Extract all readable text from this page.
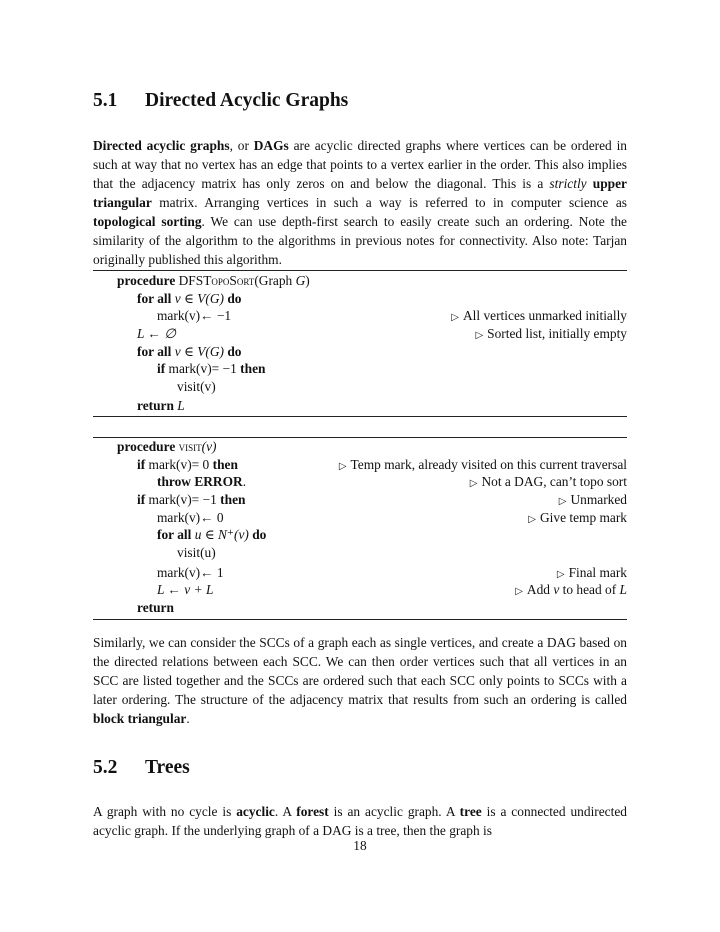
5.1 Directed Acyclic Graphs
Directed acyclic graphs, or DAGs are acyclic directed graphs where vertices can be ordered in such at way that no vertex has an edge that points to a vertex earlier in the order. This also implies that the adjacency matrix has only zeros on and below the diagonal. This is a strictly upper triangular matrix. Arranging vertices in such a way is referred to in computer science as topological sorting. We can use depth-first search to easily create such an ordering. Note the similarity of the algorithm to the algorithms in previous notes for connectivity. Also note: Tarjan originally published this algorithm.
procedure DFSTopoSort(Graph G)
for all v ∈ V(G) do
mark(v)← −1	▷ All vertices unmarked initially
L ← ∅	▷ Sorted list, initially empty
for all v ∈ V(G) do
if mark(v)= −1 then
visit(v)
return L
procedure visit(v)
if mark(v)= 0 then	▷ Temp mark, already visited on this current traversal
throw ERROR.	▷ Not a DAG, can’t topo sort
if mark(v)= −1 then	▷ Unmarked
mark(v)← 0	▷ Give temp mark
for all u ∈ N⁺(v) do
visit(u)
mark(v)← 1	▷ Final mark
L ← v + L	▷ Add v to head of L
return
Similarly, we can consider the SCCs of a graph each as single vertices, and create a DAG based on the directed relations between each SCC. We can then order vertices such that all vertices in an SCC are listed together and the SCCs are ordered such that each SCC only points to SCCs with a later ordering. The structure of the adjacency matrix that results from such an ordering is called block triangular.
5.2 Trees
A graph with no cycle is acyclic. A forest is an acyclic graph. A tree is a connected undirected acyclic graph. If the underlying graph of a DAG is a tree, then the graph is
18
